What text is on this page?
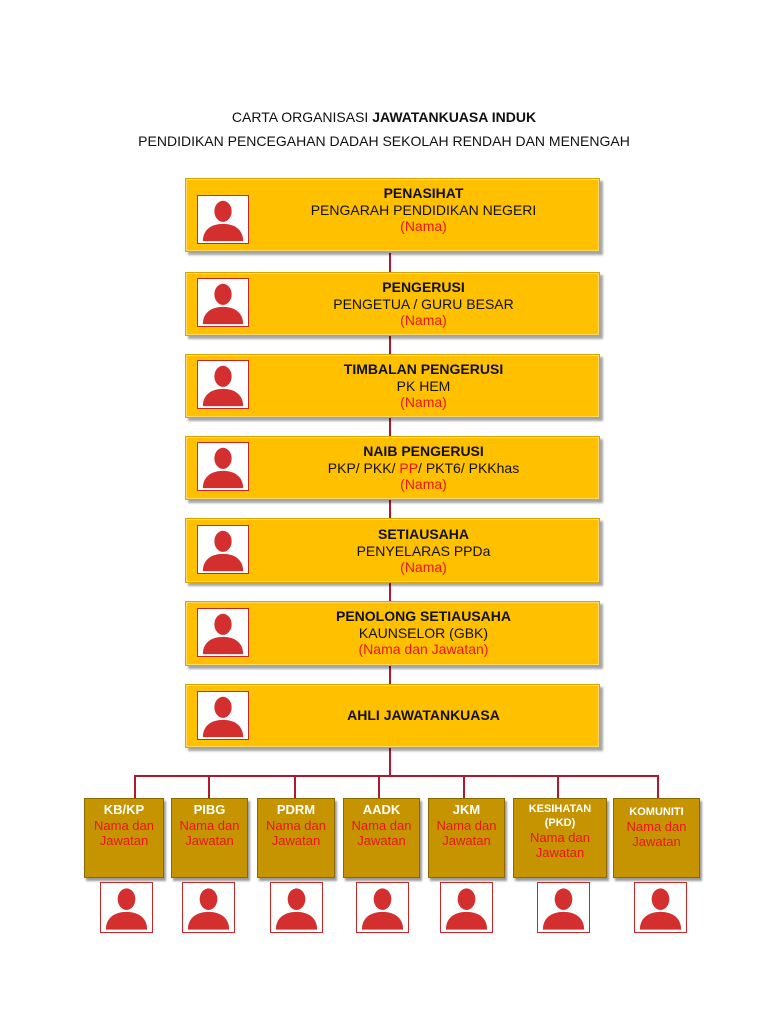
CARTA ORGANISASI JAWATANKUASA INDUK
PENDIDIKAN PENCEGAHAN DADAH SEKOLAH RENDAH DAN MENENGAH
PENASIHAT
PENGARAH PENDIDIKAN NEGERI
(Nama)
PENGERUSI
PENGETUA / GURU BESAR
(Nama)
TIMBALAN PENGERUSI
PK HEM
(Nama)
NAIB PENGERUSI
PKP/ PKK/ PP/ PKT6/ PKKhas
(Nama)
SETIAUSAHA
PENYELARAS PPDa
(Nama)
PENOLONG SETIAUSAHA
KAUNSELOR (GBK)
(Nama dan Jawatan)
AHLI JAWATANKUASA
KB/KP
Nama dan Jawatan
PIBG
Nama dan Jawatan
PDRM
Nama dan Jawatan
AADK
Nama dan Jawatan
JKM
Nama dan Jawatan
KESIHATAN (PKD)
Nama dan Jawatan
KOMUNITI
Nama dan Jawatan
